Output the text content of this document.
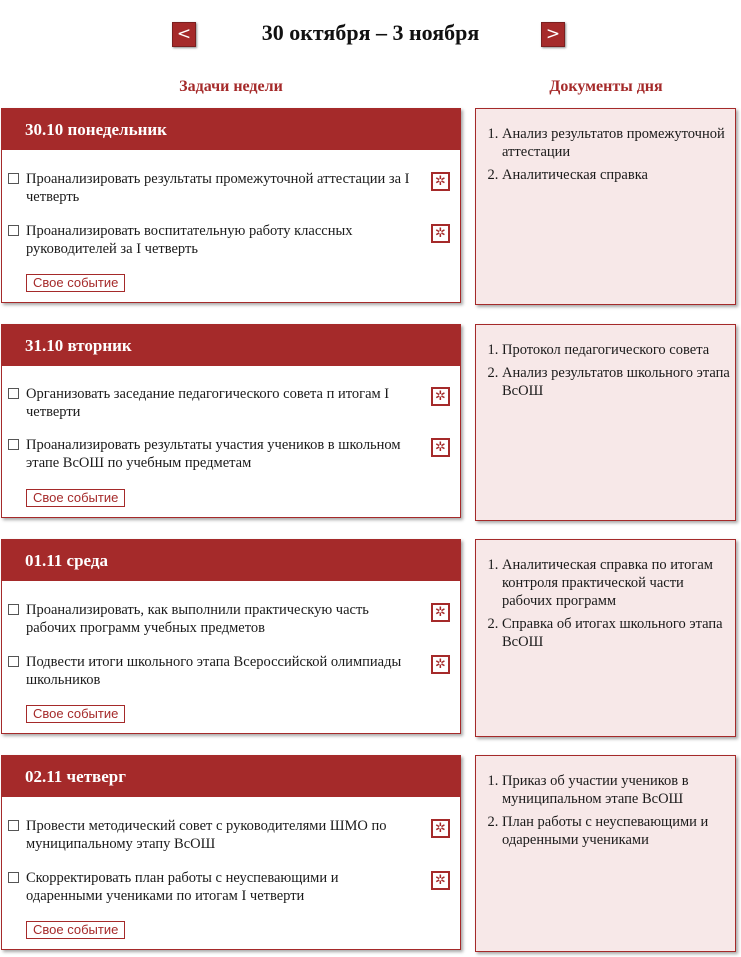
<	30 октября – 3 ноября	>
Задачи недели	Документы дня
30.10 понедельник
Проанализировать результаты промежуточной аттестации за I четверть
✲
Проанализировать воспитательную работу классных руководителей за I четверть
✲
Свое событие
1. Анализ результатов промежуточной аттестации
2. Аналитическая справка
31.10 вторник
Организовать заседание педагогического совета п итогам I четверти
✲
Проанализировать результаты участия учеников в школьном этапе ВсОШ по учебным предметам
✲
Свое событие
1. Протокол педагогического совета
2. Анализ результатов школьного этапа ВсОШ
01.11 среда
Проанализировать, как выполнили практическую часть рабочих программ учебных предметов
✲
Подвести итоги школьного этапа Всероссийской олимпиады школьников
✲
Свое событие
1. Аналитическая справка по итогам контроля практической части рабочих программ
2. Справка об итогах школьного этапа ВсОШ
02.11 четверг
Провести методический совет с руководителями ШМО по муниципальному этапу ВсОШ
✲
Скорректировать план работы с неуспевающими и одаренными учениками по итогам I четверти
✲
Свое событие
1. Приказ об участии учеников в муниципальном этапе ВсОШ
2. План работы с неуспевающими и одаренными учениками
